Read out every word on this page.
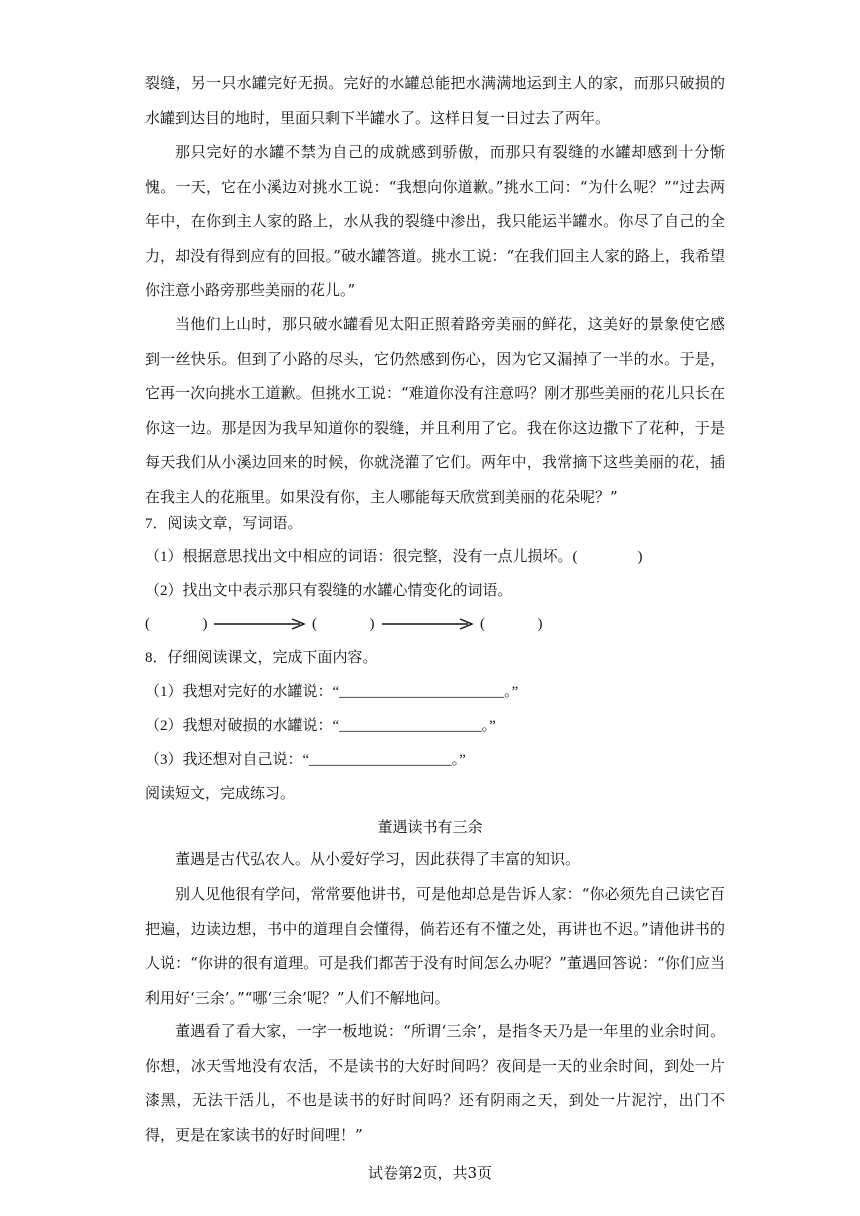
裂缝，另一只水罐完好无损。完好的水罐总能把水满满地运到主人的家，而那只破损的水罐到达目的地时，里面只剩下半罐水了。这样日复一日过去了两年。

那只完好的水罐不禁为自己的成就感到骄傲，而那只有裂缝的水罐却感到十分惭愧。一天，它在小溪边对挑水工说：“我想向你道歉。”挑水工问：“为什么呢？”“过去两年中，在你到主人家的路上，水从我的裂缝中渗出，我只能运半罐水。你尽了自己的全力，却没有得到应有的回报。”破水罐答道。挑水工说：“在我们回主人家的路上，我希望你注意小路旁那些美丽的花儿。”

当他们上山时，那只破水罐看见太阳正照着路旁美丽的鲜花，这美好的景象使它感到一丝快乐。但到了小路的尽头，它仍然感到伤心，因为它又漏掉了一半的水。于是，它再一次向挑水工道歉。但挑水工说：“难道你没有注意吗？刚才那些美丽的花儿只长在你这一边。那是因为我早知道你的裂缝，并且利用了它。我在你这边撒下了花种，于是每天我们从小溪边回来的时候，你就浇灌了它们。两年中，我常摘下这些美丽的花，插在我主人的花瓶里。如果没有你，主人哪能每天欣赏到美丽的花朵呢？”

7．阅读文章，写词语。

（1）根据意思找出文中相应的词语：很完整，没有一点儿损坏。(                )

（2）找出文中表示那只有裂缝的水罐心情变化的词语。

(              )	(              )	(              )

8．仔细阅读课文，完成下面内容。

（1）我想对完好的水罐说：“______________________。”

（2）我想对破损的水罐说：“___________________。”

（3）我还想对自己说：“___________________。”

阅读短文，完成练习。

董遇读书有三余

董遇是古代弘农人。从小爱好学习，因此获得了丰富的知识。

别人见他很有学问，常常要他讲书，可是他却总是告诉人家：“你必须先自己读它百把遍，边读边想，书中的道理自会懂得，倘若还有不懂之处，再讲也不迟。”请他讲书的人说：“你讲的很有道理。可是我们都苦于没有时间怎么办呢？”董遇回答说：“你们应当利用好‘三余’。”“哪‘三余’呢？”人们不解地问。

董遇看了看大家，一字一板地说：“所谓‘三余’，是指冬天乃是一年里的业余时间。你想，冰天雪地没有农活，不是读书的大好时间吗？夜间是一天的业余时间，到处一片漆黑，无法干活儿，不也是读书的好时间吗？还有阴雨之天，到处一片泥泞，出门不得，更是在家读书的好时间哩！”

试卷第2页，共3页
